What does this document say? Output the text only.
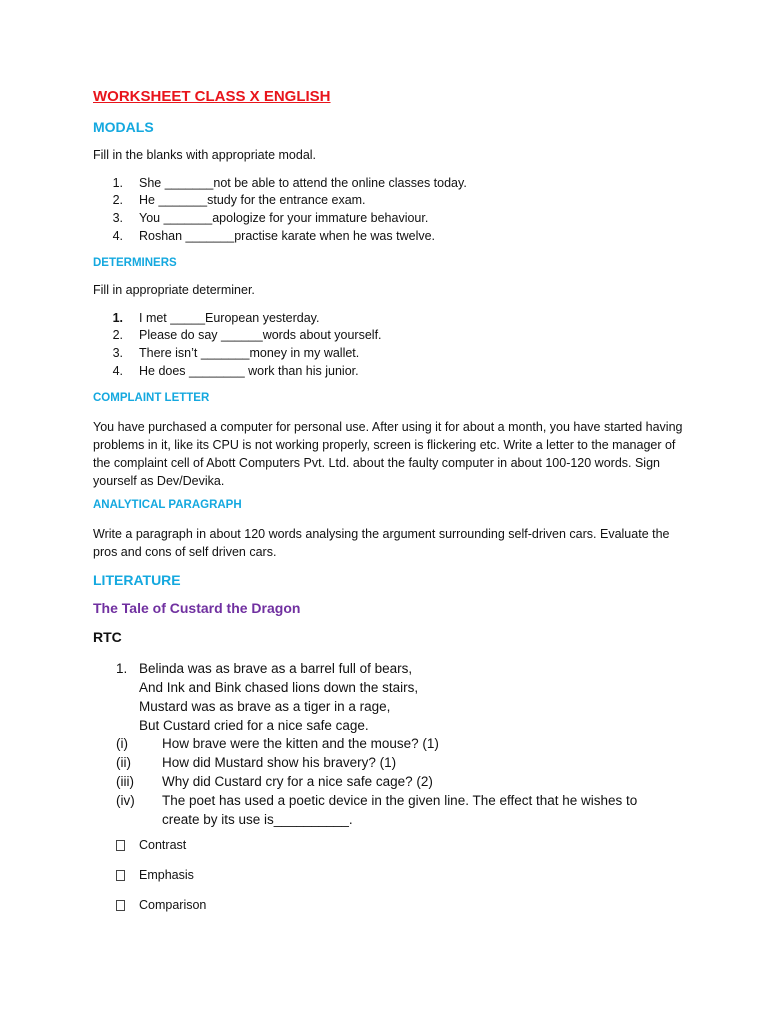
WORKSHEET CLASS X ENGLISH
MODALS
Fill in the blanks with appropriate modal.
1. She _______not be able to attend the online classes today.
2. He _______study for the entrance exam.
3. You _______apologize for your immature behaviour.
4. Roshan _______practise karate when he was twelve.
DETERMINERS
Fill in appropriate determiner.
1. I met _____European yesterday.
2. Please do say ______words about yourself.
3. There isn’t _______money in my wallet.
4. He does ________ work than his junior.
COMPLAINT LETTER
You have purchased a computer for personal use. After using it for about a month, you have started having problems in it, like its CPU is not working properly, screen is flickering etc. Write a letter to the manager of the complaint cell of Abott Computers Pvt. Ltd. about the faulty computer in about 100-120 words. Sign yourself as Dev/Devika.
ANALYTICAL PARAGRAPH
Write a paragraph in about 120 words analysing the argument surrounding self-driven cars. Evaluate the pros and cons of self driven cars.
LITERATURE
The Tale of Custard the Dragon
RTC
1. Belinda was as brave as a barrel full of bears,
And Ink and Bink chased lions down the stairs,
Mustard was as brave as a tiger in a rage,
But Custard cried for a nice safe cage.
(i)	How brave were the kitten and the mouse? (1)
(ii) How did Mustard show his bravery? (1)
(iii) Why did Custard cry for a nice safe cage? (2)
(iv) The poet has used a poetic device in the given line. The effect that he wishes to
create by its use is__________.
Contrast
Emphasis
Comparison
